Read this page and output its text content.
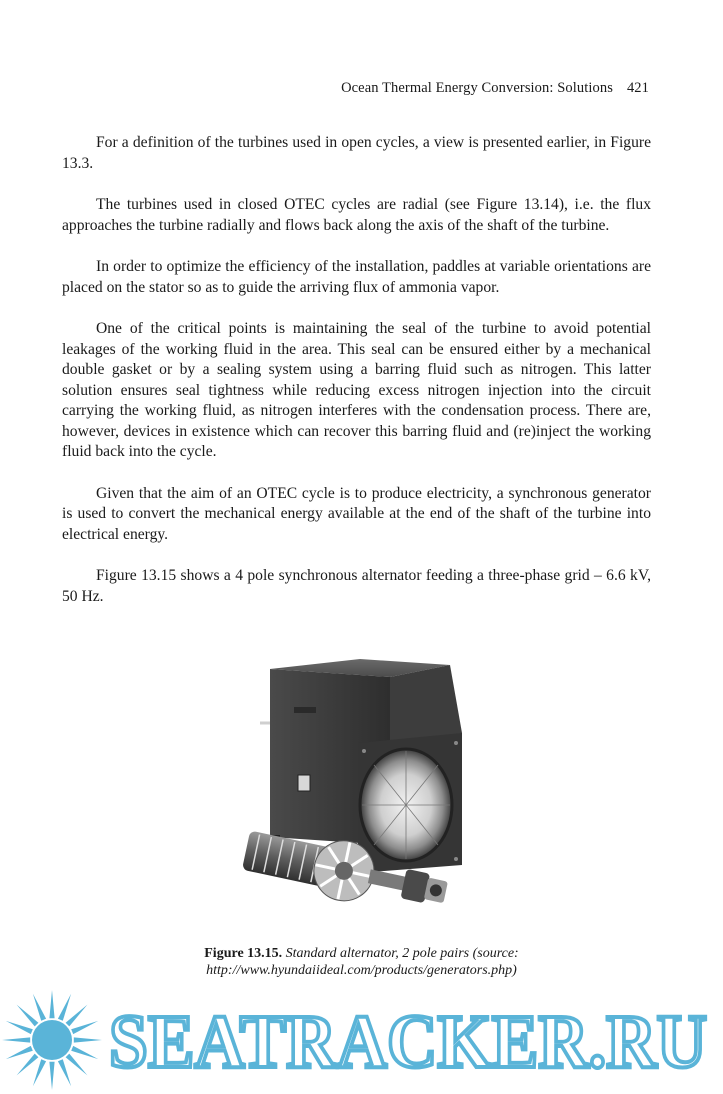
Ocean Thermal Energy Conversion: Solutions 421

For a definition of the turbines used in open cycles, a view is presented earlier, in Figure 13.3.

The turbines used in closed OTEC cycles are radial (see Figure 13.14), i.e. the flux approaches the turbine radially and flows back along the axis of the shaft of the turbine.

In order to optimize the efficiency of the installation, paddles at variable orientations are placed on the stator so as to guide the arriving flux of ammonia vapor.

One of the critical points is maintaining the seal of the turbine to avoid potential leakages of the working fluid in the area. This seal can be ensured either by a mechanical double gasket or by a sealing system using a barring fluid such as nitrogen. This latter solution ensures seal tightness while reducing excess nitrogen injection into the circuit carrying the working fluid, as nitrogen interferes with the condensation process. There are, however, devices in existence which can recover this barring fluid and (re)inject the working fluid back into the cycle.

Given that the aim of an OTEC cycle is to produce electricity, a synchronous generator is used to convert the mechanical energy available at the end of the shaft of the turbine into electrical energy.

Figure 13.15 shows a 4 pole synchronous alternator feeding a three-phase grid – 6.6 kV, 50 Hz.

Figure 13.15. Standard alternator, 2 pole pairs (source:
http://www.hyundaiideal.com/products/generators.php)
SEATRACKER.RU
